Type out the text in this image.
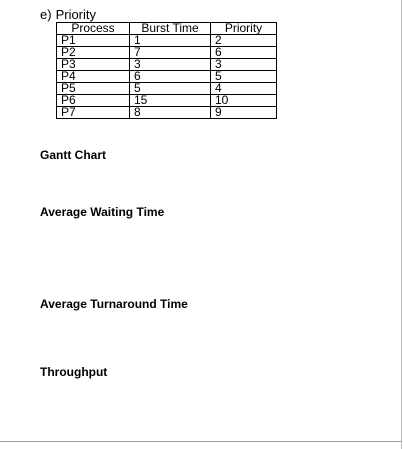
e) Priority
Process	Burst Time	Priority
P1	1	2
P2	7	6
P3	3	3
P4	6	5
P5	5	4
P6	15	10
P7	8	9
Gantt Chart
Average Waiting Time
Average Turnaround Time
Throughput
